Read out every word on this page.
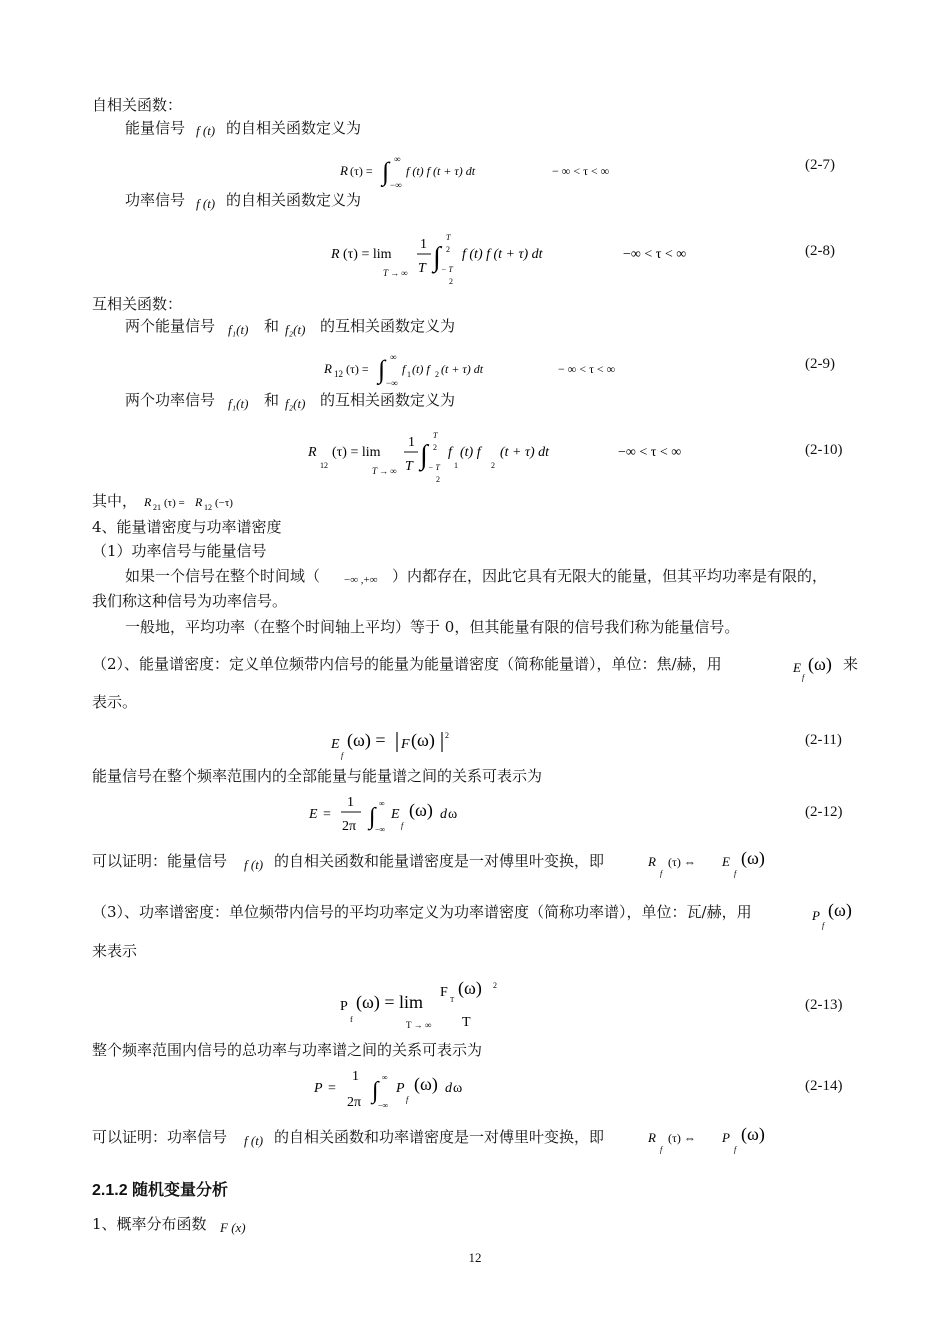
自相关函数：
能量信号 f (t) 的自相关函数定义为
R (τ) = ∫ ∞
−∞
f (t) f (t + τ) dt	− ∞ < τ < ∞	(2-7)
功率信号 f (t) 的自相关函数定义为
R (τ) = lim
T → ∞
1
T ∫
T
2
− T
2
f (t) f (t + τ) dt	−∞ < τ < ∞	(2-8)
互相关函数：
两个能量信号 f₁(t) 和 f₂(t) 的互相关函数定义为
R 12 (τ) = ∫ ∞
−∞
f 1 (t) f 2 (t + τ) dt	− ∞ < τ < ∞	(2-9)
两个功率信号 f₁(t) 和 f₂(t) 的互相关函数定义为
R
12
(τ) = lim
T → ∞
1
T ∫
T
2
− T
2
f
1
(t) f
2
(t + τ) dt	−∞ < τ < ∞	(2-10)
其中， R 21 (τ) = R 12 (−τ)
4、能量谱密度与功率谱密度
（1）功率信号与能量信号
如果一个信号在整个时间域（ −∞ ,+∞ ）内都存在，因此它具有无限大的能量，但其平均功率是有限的，
我们称这种信号为功率信号。
一般地，平均功率（在整个时间轴上平均）等于 0，但其能量有限的信号我们称为能量信号。
（2）、能量谱密度：定义单位频带内信号的能量为能量谱密度（简称能量谱），单位：焦/赫，用	E
f
(ω) 来
表示。
E
f
(ω) = F (ω) 2	(2-11)
能量信号在整个频率范围内的全部能量与能量谱之间的关系可表示为
E =
1
2π ∫
∞
−∞
E
f
(ω) d ω	(2-12)
可以证明：能量信号 f (t) 的自相关函数和能量谱密度是一对傅里叶变换，即	R
f
(τ) ⇔ E
f
(ω)
（3）、功率谱密度：单位频带内信号的平均功率定义为功率谱密度（简称功率谱），单位：瓦/赫，用	P
f
(ω)
来表示
P
f
(ω) = lim
T → ∞
F T
(ω) 2
T
(2-13)
整个频率范围内信号的总功率与功率谱之间的关系可表示为
P =
1
2π ∫
∞
−∞
P
f
(ω) d ω	(2-14)
可以证明：功率信号 f (t) 的自相关函数和功率谱密度是一对傅里叶变换，即	R
f
(τ) ⇔ P
f
(ω)
2.1.2 随机变量分析
1、概率分布函数 F (x)
12
